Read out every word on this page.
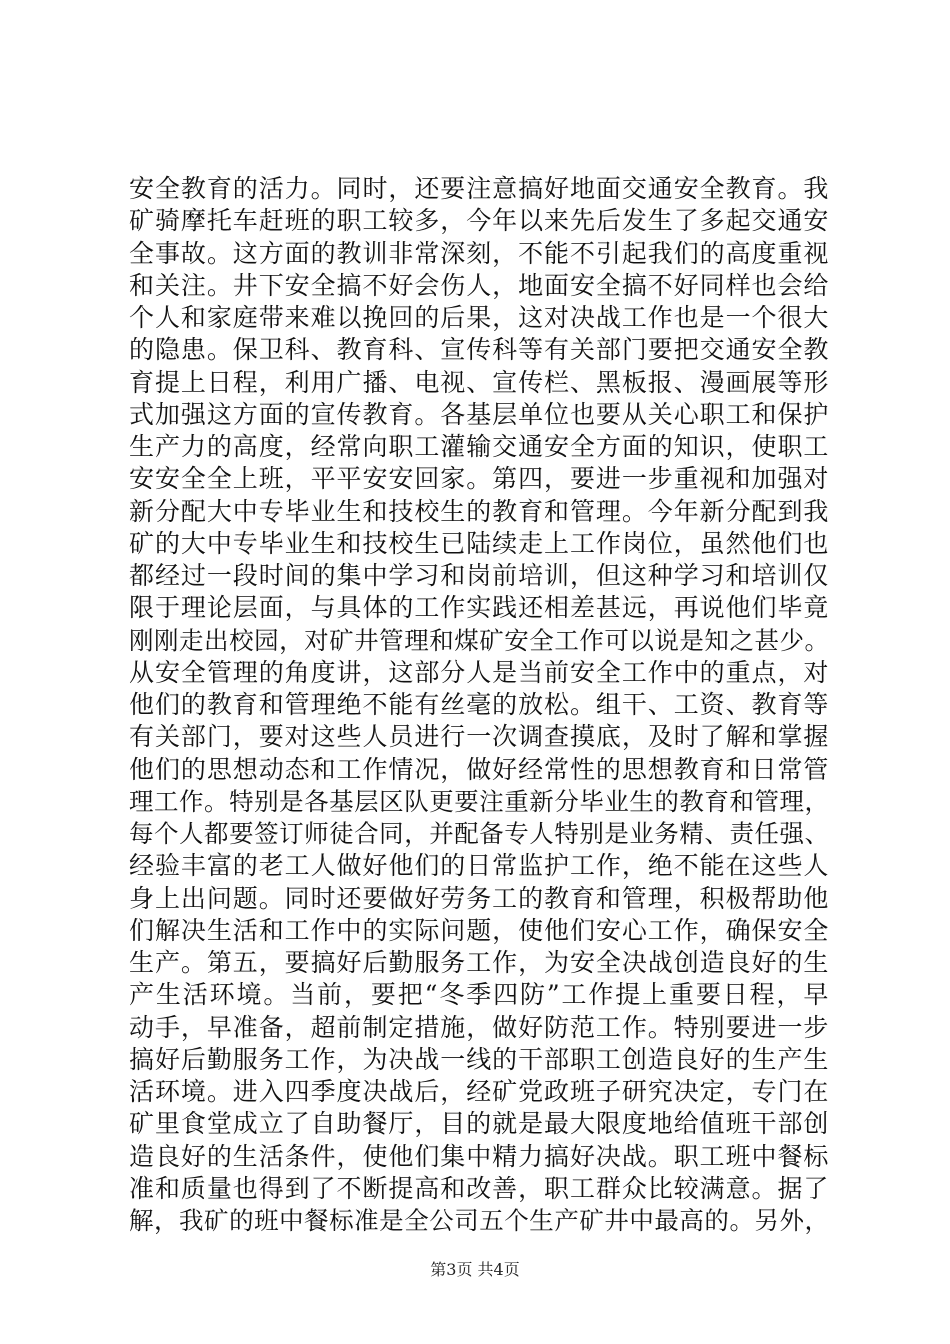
安全教育的活力。同时，还要注意搞好地面交通安全教育。我
矿骑摩托车赶班的职工较多，今年以来先后发生了多起交通安
全事故。这方面的教训非常深刻，不能不引起我们的高度重视
和关注。井下安全搞不好会伤人，地面安全搞不好同样也会给
个人和家庭带来难以挽回的后果，这对决战工作也是一个很大
的隐患。保卫科、教育科、宣传科等有关部门要把交通安全教
育提上日程，利用广播、电视、宣传栏、黑板报、漫画展等形
式加强这方面的宣传教育。各基层单位也要从关心职工和保护
生产力的高度，经常向职工灌输交通安全方面的知识，使职工
安安全全上班，平平安安回家。第四，要进一步重视和加强对
新分配大中专毕业生和技校生的教育和管理。今年新分配到我
矿的大中专毕业生和技校生已陆续走上工作岗位，虽然他们也
都经过一段时间的集中学习和岗前培训，但这种学习和培训仅
限于理论层面，与具体的工作实践还相差甚远，再说他们毕竟
刚刚走出校园，对矿井管理和煤矿安全工作可以说是知之甚少。
从安全管理的角度讲，这部分人是当前安全工作中的重点，对
他们的教育和管理绝不能有丝毫的放松。组干、工资、教育等
有关部门，要对这些人员进行一次调查摸底，及时了解和掌握
他们的思想动态和工作情况，做好经常性的思想教育和日常管
理工作。特别是各基层区队更要注重新分毕业生的教育和管理，
每个人都要签订师徒合同，并配备专人特别是业务精、责任强、
经验丰富的老工人做好他们的日常监护工作，绝不能在这些人
身上出问题。同时还要做好劳务工的教育和管理，积极帮助他
们解决生活和工作中的实际问题，使他们安心工作，确保安全
生产。第五，要搞好后勤服务工作，为安全决战创造良好的生
产生活环境。当前，要把“冬季四防”工作提上重要日程，早
动手，早准备，超前制定措施，做好防范工作。特别要进一步
搞好后勤服务工作，为决战一线的干部职工创造良好的生产生
活环境。进入四季度决战后，经矿党政班子研究决定，专门在
矿里食堂成立了自助餐厅，目的就是最大限度地给值班干部创
造良好的生活条件，使他们集中精力搞好决战。职工班中餐标
准和质量也得到了不断提高和改善，职工群众比较满意。据了
解，我矿的班中餐标准是全公司五个生产矿井中最高的。另外，
第3页 共4页
